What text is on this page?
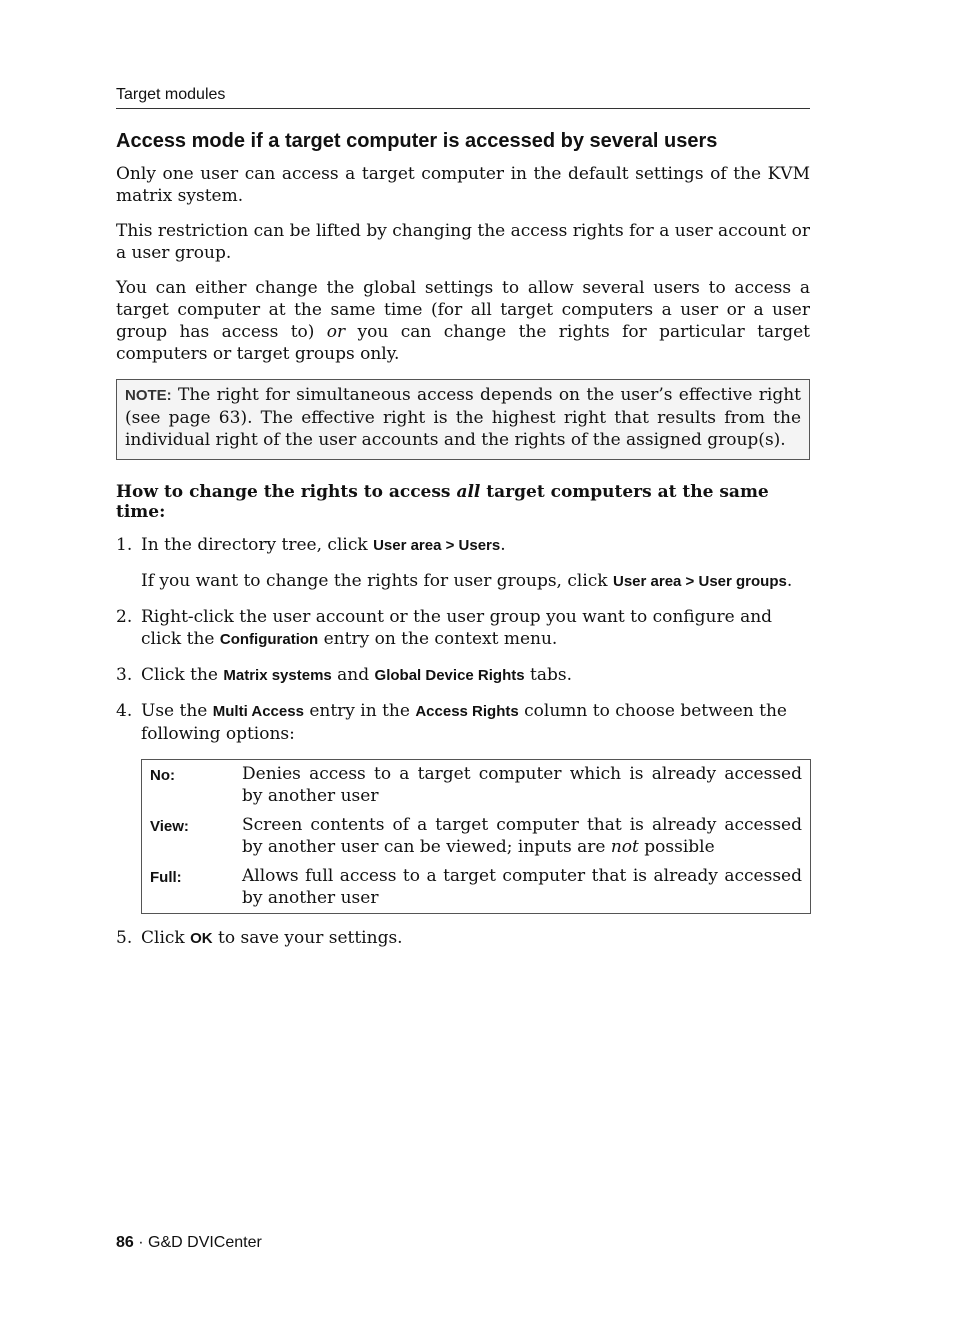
Target modules
Access mode if a target computer is accessed by several users

Only one user can access a target computer in the default settings of the KVM matrix system.

This restriction can be lifted by changing the access rights for a user account or a user group.

You can either change the global settings to allow several users to access a target computer at the same time (for all target computers a user or a user group has access to) or you can change the rights for particular target computers or target groups only.

NOTE: The right for simultaneous access depends on the user’s effective right (see page 63). The effective right is the highest right that results from the individual right of the user accounts and the rights of the assigned group(s).
How to change the rights to access all target computers at the same time:
1. In the directory tree, click User area > Users.
If you want to change the rights for user groups, click User area > User groups.
2. Right-click the user account or the user group you want to configure and click the Configuration entry on the context menu.
3. Click the Matrix systems and Global Device Rights tabs.
4. Use the Multi Access entry in the Access Rights column to choose between the following options:
No:	Denies access to a target computer which is already accessed by another user
View:	Screen contents of a target computer that is already accessed by another user can be viewed; inputs are not possible
Full:	Allows full access to a target computer that is already accessed by another user
5. Click OK to save your settings.
86 · G&D DVICenter
